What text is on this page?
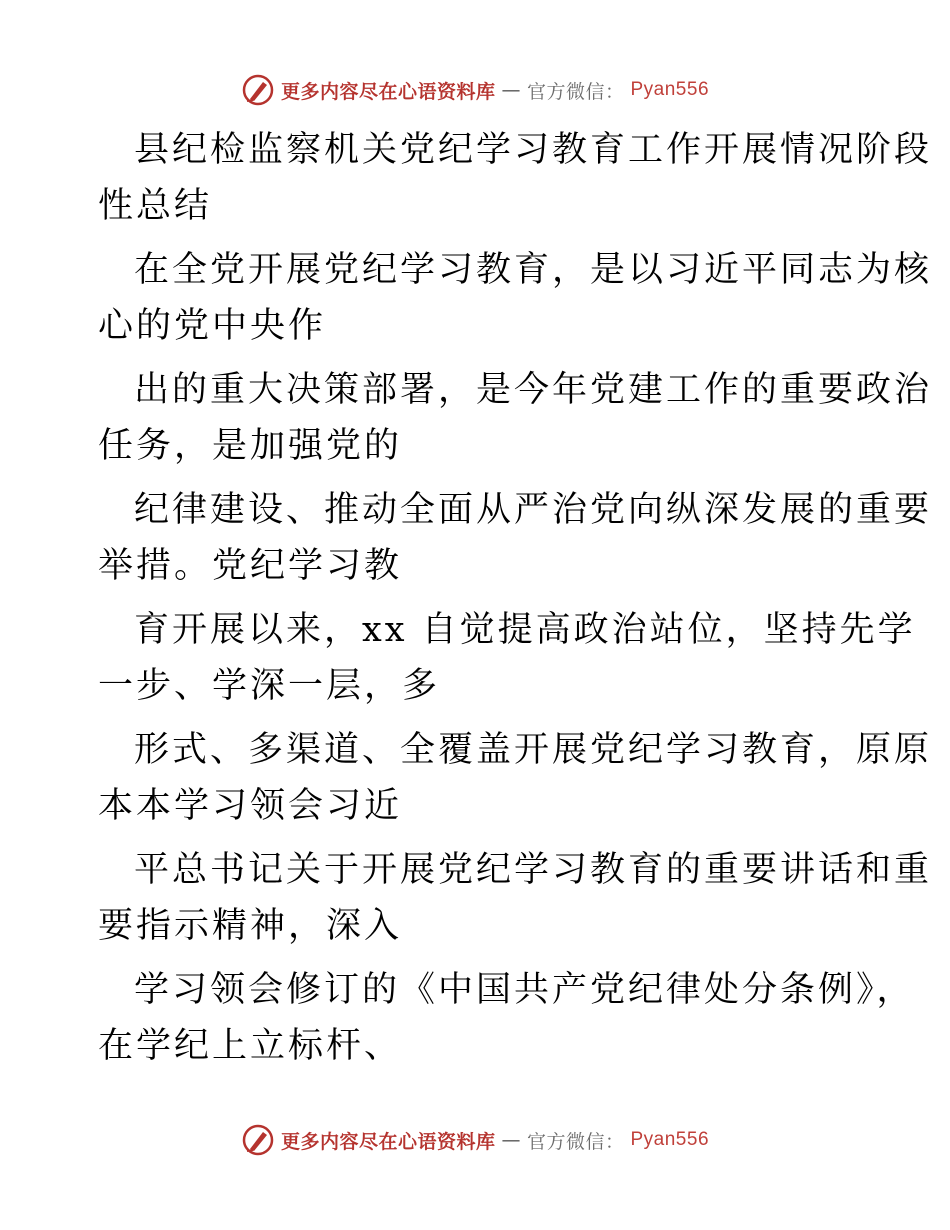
更多内容尽在心语资料库 — 官方微信： Pyan556
县纪检监察机关党纪学习教育工作开展情况阶段
性总结
在全党开展党纪学习教育，是以习近平同志为核
心的党中央作
出的重大决策部署，是今年党建工作的重要政治
任务，是加强党的
纪律建设、推动全面从严治党向纵深发展的重要
举措。党纪学习教
育开展以来，xx 自觉提高政治站位，坚持先学
一步、学深一层，多
形式、多渠道、全覆盖开展党纪学习教育，原原
本本学习领会习近
平总书记关于开展党纪学习教育的重要讲话和重
要指示精神，深入
学习领会修订的《中国共产党纪律处分条例》，
在学纪上立标杆、
更多内容尽在心语资料库 — 官方微信： Pyan556
